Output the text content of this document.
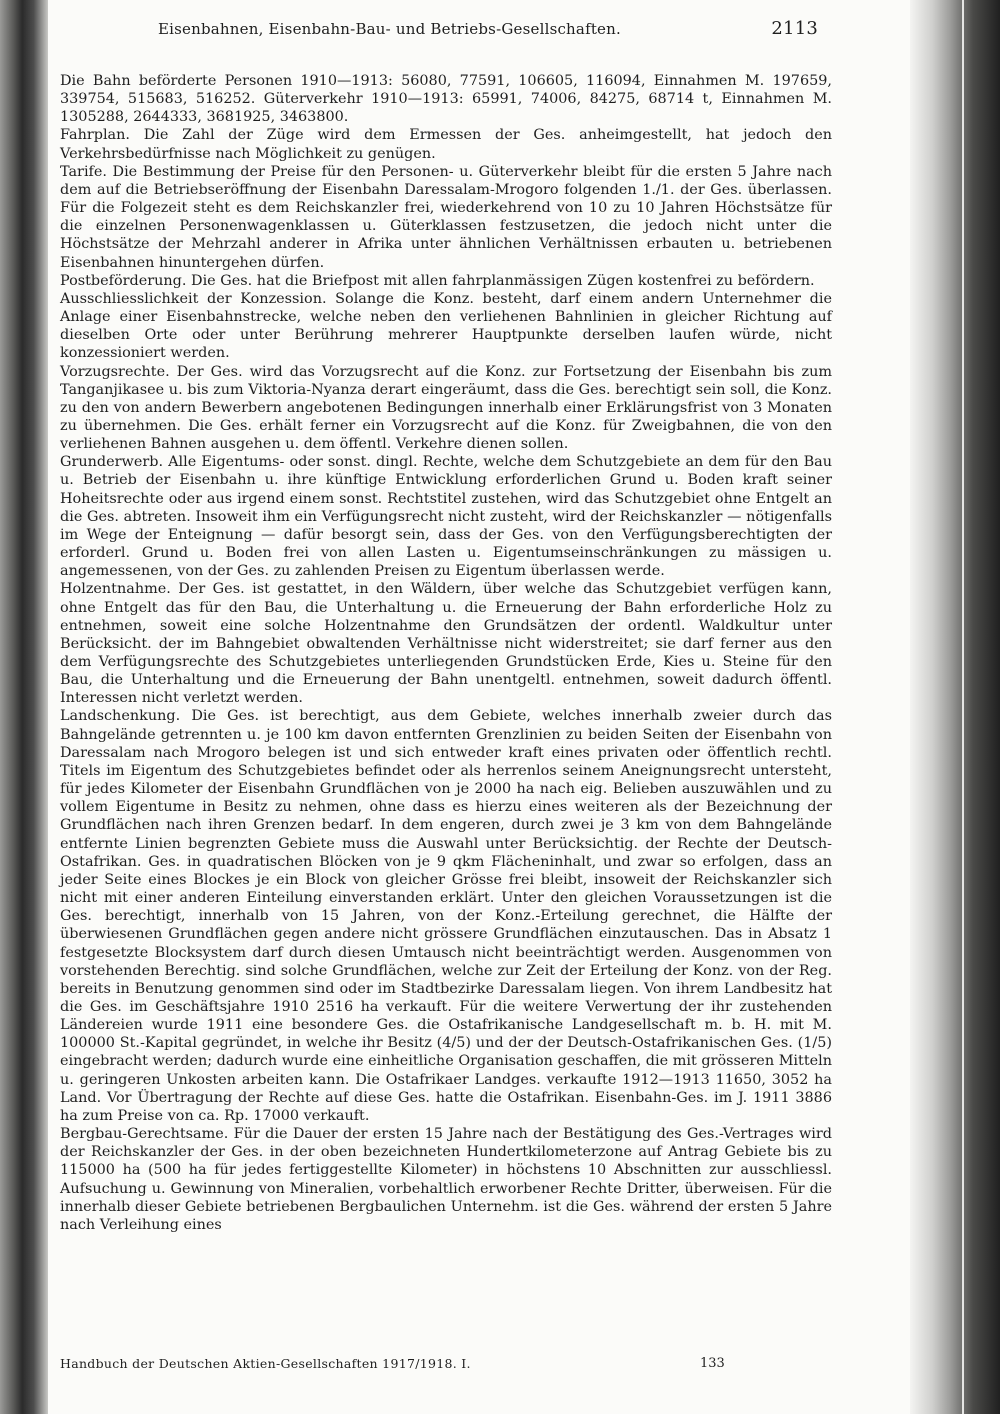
Eisenbahnen, Eisenbahn-Bau- und Betriebs-Gesellschaften.	2113

Die Bahn beförderte Personen 1910—1913: 56080, 77591, 106605, 116094, Einnahmen M. 197659, 339754, 515683, 516252. Güterverkehr 1910—1913: 65991, 74006, 84275, 68714 t, Einnahmen M. 1305288, 2644333, 3681925, 3463800.

Fahrplan. Die Zahl der Züge wird dem Ermessen der Ges. anheimgestellt, hat jedoch den Verkehrsbedürfnisse nach Möglichkeit zu genügen.

Tarife. Die Bestimmung der Preise für den Personen- u. Güterverkehr bleibt für die ersten 5 Jahre nach dem auf die Betriebseröffnung der Eisenbahn Daressalam-Mrogoro folgenden 1./1. der Ges. überlassen. Für die Folgezeit steht es dem Reichskanzler frei, wiederkehrend von 10 zu 10 Jahren Höchstsätze für die einzelnen Personenwagenklassen u. Güterklassen festzusetzen, die jedoch nicht unter die Höchstsätze der Mehrzahl anderer in Afrika unter ähnlichen Verhältnissen erbauten u. betriebenen Eisenbahnen hinuntergehen dürfen.

Postbeförderung. Die Ges. hat die Briefpost mit allen fahrplanmässigen Zügen kostenfrei zu befördern.

Ausschliesslichkeit der Konzession. Solange die Konz. besteht, darf einem andern Unternehmer die Anlage einer Eisenbahnstrecke, welche neben den verliehenen Bahnlinien in gleicher Richtung auf dieselben Orte oder unter Berührung mehrerer Hauptpunkte derselben laufen würde, nicht konzessioniert werden.

Vorzugsrechte. Der Ges. wird das Vorzugsrecht auf die Konz. zur Fortsetzung der Eisenbahn bis zum Tanganjikasee u. bis zum Viktoria-Nyanza derart eingeräumt, dass die Ges. berechtigt sein soll, die Konz. zu den von andern Bewerbern angebotenen Bedingungen innerhalb einer Erklärungsfrist von 3 Monaten zu übernehmen. Die Ges. erhält ferner ein Vorzugsrecht auf die Konz. für Zweigbahnen, die von den verliehenen Bahnen ausgehen u. dem öffentl. Verkehre dienen sollen.

Grunderwerb. Alle Eigentums- oder sonst. dingl. Rechte, welche dem Schutzgebiete an dem für den Bau u. Betrieb der Eisenbahn u. ihre künftige Entwicklung erforderlichen Grund u. Boden kraft seiner Hoheitsrechte oder aus irgend einem sonst. Rechtstitel zustehen, wird das Schutzgebiet ohne Entgelt an die Ges. abtreten. Insoweit ihm ein Verfügungsrecht nicht zusteht, wird der Reichskanzler — nötigenfalls im Wege der Enteignung — dafür besorgt sein, dass der Ges. von den Verfügungsberechtigten der erforderl. Grund u. Boden frei von allen Lasten u. Eigentumseinschränkungen zu mässigen u. angemessenen, von der Ges. zu zahlenden Preisen zu Eigentum überlassen werde.

Holzentnahme. Der Ges. ist gestattet, in den Wäldern, über welche das Schutzgebiet verfügen kann, ohne Entgelt das für den Bau, die Unterhaltung u. die Erneuerung der Bahn erforderliche Holz zu entnehmen, soweit eine solche Holzentnahme den Grundsätzen der ordentl. Waldkultur unter Berücksicht. der im Bahngebiet obwaltenden Verhältnisse nicht widerstreitet; sie darf ferner aus den dem Verfügungsrechte des Schutzgebietes unterliegenden Grundstücken Erde, Kies u. Steine für den Bau, die Unterhaltung und die Erneuerung der Bahn unentgeltl. entnehmen, soweit dadurch öffentl. Interessen nicht verletzt werden.

Landschenkung. Die Ges. ist berechtigt, aus dem Gebiete, welches innerhalb zweier durch das Bahngelände getrennten u. je 100 km davon entfernten Grenzlinien zu beiden Seiten der Eisenbahn von Daressalam nach Mrogoro belegen ist und sich entweder kraft eines privaten oder öffentlich rechtl. Titels im Eigentum des Schutzgebietes befindet oder als herrenlos seinem Aneignungsrecht untersteht, für jedes Kilometer der Eisenbahn Grundflächen von je 2000 ha nach eig. Belieben auszuwählen und zu vollem Eigentume in Besitz zu nehmen, ohne dass es hierzu eines weiteren als der Bezeichnung der Grundflächen nach ihren Grenzen bedarf. In dem engeren, durch zwei je 3 km von dem Bahngelände entfernte Linien begrenzten Gebiete muss die Auswahl unter Berücksichtig. der Rechte der Deutsch-Ostafrikan. Ges. in quadratischen Blöcken von je 9 qkm Flächeninhalt, und zwar so erfolgen, dass an jeder Seite eines Blockes je ein Block von gleicher Grösse frei bleibt, insoweit der Reichskanzler sich nicht mit einer anderen Einteilung einverstanden erklärt. Unter den gleichen Voraussetzungen ist die Ges. berechtigt, innerhalb von 15 Jahren, von der Konz.-Erteilung gerechnet, die Hälfte der überwiesenen Grundflächen gegen andere nicht grössere Grundflächen einzutauschen. Das in Absatz 1 festgesetzte Blocksystem darf durch diesen Umtausch nicht beeinträchtigt werden. Ausgenommen von vorstehenden Berechtig. sind solche Grundflächen, welche zur Zeit der Erteilung der Konz. von der Reg. bereits in Benutzung genommen sind oder im Stadtbezirke Daressalam liegen. Von ihrem Landbesitz hat die Ges. im Geschäftsjahre 1910 2516 ha verkauft. Für die weitere Verwertung der ihr zustehenden Ländereien wurde 1911 eine besondere Ges. die Ostafrikanische Landgesellschaft m. b. H. mit M. 100000 St.-Kapital gegründet, in welche ihr Besitz (4/5) und der der Deutsch-Ostafrikanischen Ges. (1/5) eingebracht werden; dadurch wurde eine einheitliche Organisation geschaffen, die mit grösseren Mitteln u. geringeren Unkosten arbeiten kann. Die Ostafrikaer Landges. verkaufte 1912—1913 11650, 3052 ha Land. Vor Übertragung der Rechte auf diese Ges. hatte die Ostafrikan. Eisenbahn-Ges. im J. 1911 3886 ha zum Preise von ca. Rp. 17000 verkauft.

Bergbau-Gerechtsame. Für die Dauer der ersten 15 Jahre nach der Bestätigung des Ges.-Vertrages wird der Reichskanzler der Ges. in der oben bezeichneten Hundertkilometerzone auf Antrag Gebiete bis zu 115000 ha (500 ha für jedes fertiggestellte Kilometer) in höchstens 10 Abschnitten zur ausschliessl. Aufsuchung u. Gewinnung von Mineralien, vorbehaltlich erworbener Rechte Dritter, überweisen. Für die innerhalb dieser Gebiete betriebenen Bergbaulichen Unternehm. ist die Ges. während der ersten 5 Jahre nach Verleihung eines

Handbuch der Deutschen Aktien-Gesellschaften 1917/1918. I.	133
